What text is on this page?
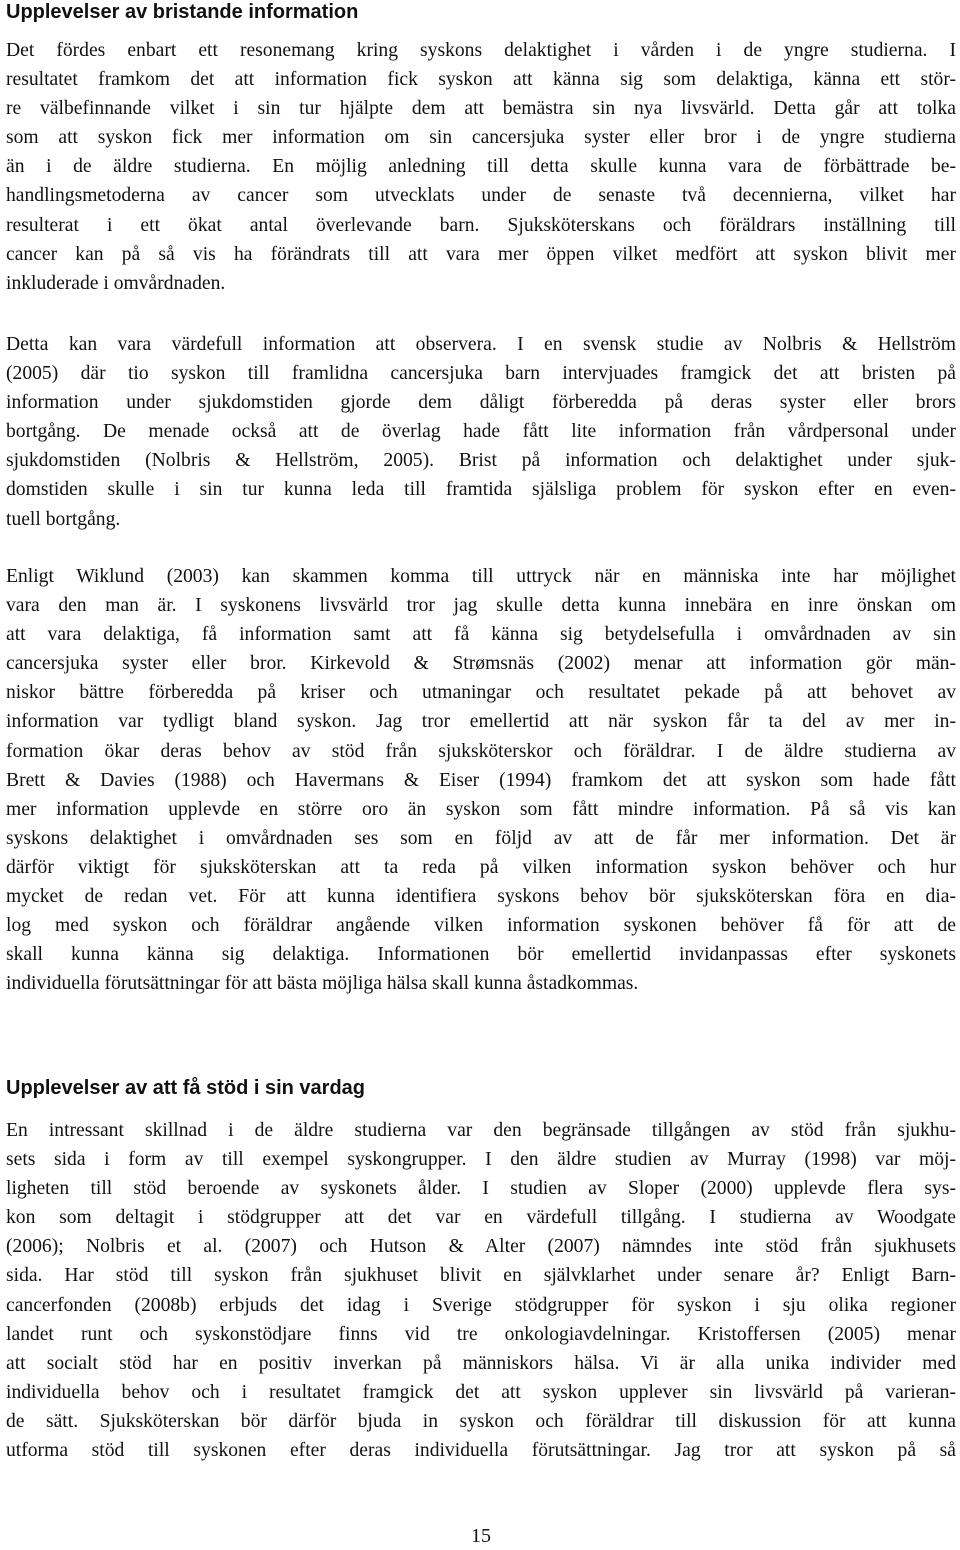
Upplevelser av bristande information

Det fördes enbart ett resonemang kring syskons delaktighet i vården i de yngre studierna. I
resultatet framkom det att information fick syskon att känna sig som delaktiga, känna ett stör-
re välbefinnande vilket i sin tur hjälpte dem att bemästra sin nya livsvärld. Detta går att tolka
som att syskon fick mer information om sin cancersjuka syster eller bror i de yngre studierna
än i de äldre studierna. En möjlig anledning till detta skulle kunna vara de förbättrade be-
handlingsmetoderna av cancer som utvecklats under de senaste två decennierna, vilket har
resulterat i ett ökat antal överlevande barn. Sjuksköterskans och föräldrars inställning till
cancer kan på så vis ha förändrats till att vara mer öppen vilket medfört att syskon blivit mer
inkluderade i omvårdnaden.

Detta kan vara värdefull information att observera. I en svensk studie av Nolbris & Hellström
(2005) där tio syskon till framlidna cancersjuka barn intervjuades framgick det att bristen på
information under sjukdomstiden gjorde dem dåligt förberedda på deras syster eller brors
bortgång. De menade också att de överlag hade fått lite information från vårdpersonal under
sjukdomstiden (Nolbris & Hellström, 2005). Brist på information och delaktighet under sjuk-
domstiden skulle i sin tur kunna leda till framtida själsliga problem för syskon efter en even-
tuell bortgång.

Enligt Wiklund (2003) kan skammen komma till uttryck när en människa inte har möjlighet
vara den man är. I syskonens livsvärld tror jag skulle detta kunna innebära en inre önskan om
att vara delaktiga, få information samt att få känna sig betydelsefulla i omvårdnaden av sin
cancersjuka syster eller bror. Kirkevold & Strømsnäs (2002) menar att information gör män-
niskor bättre förberedda på kriser och utmaningar och resultatet pekade på att behovet av
information var tydligt bland syskon. Jag tror emellertid att när syskon får ta del av mer in-
formation ökar deras behov av stöd från sjuksköterskor och föräldrar. I de äldre studierna av
Brett & Davies (1988) och Havermans & Eiser (1994) framkom det att syskon som hade fått
mer information upplevde en större oro än syskon som fått mindre information. På så vis kan
syskons delaktighet i omvårdnaden ses som en följd av att de får mer information. Det är
därför viktigt för sjuksköterskan att ta reda på vilken information syskon behöver och hur
mycket de redan vet. För att kunna identifiera syskons behov bör sjuksköterskan föra en dia-
log med syskon och föräldrar angående vilken information syskonen behöver få för att de
skall kunna känna sig delaktiga. Informationen bör emellertid invidanpassas efter syskonets
individuella förutsättningar för att bästa möjliga hälsa skall kunna åstadkommas.

Upplevelser av att få stöd i sin vardag

En intressant skillnad i de äldre studierna var den begränsade tillgången av stöd från sjukhu-
sets sida i form av till exempel syskongrupper. I den äldre studien av Murray (1998) var möj-
ligheten till stöd beroende av syskonets ålder. I studien av Sloper (2000) upplevde flera sys-
kon som deltagit i stödgrupper att det var en värdefull tillgång. I studierna av Woodgate
(2006); Nolbris et al. (2007) och Hutson & Alter (2007) nämndes inte stöd från sjukhusets
sida. Har stöd till syskon från sjukhuset blivit en självklarhet under senare år? Enligt Barn-
cancerfonden (2008b) erbjuds det idag i Sverige stödgrupper för syskon i sju olika regioner
landet runt och syskonstödjare finns vid tre onkologiavdelningar. Kristoffersen (2005) menar
att socialt stöd har en positiv inverkan på människors hälsa. Vi är alla unika individer med
individuella behov och i resultatet framgick det att syskon upplever sin livsvärld på varieran-
de sätt. Sjuksköterskan bör därför bjuda in syskon och föräldrar till diskussion för att kunna
utforma stöd till syskonen efter deras individuella förutsättningar. Jag tror att syskon på så

15
